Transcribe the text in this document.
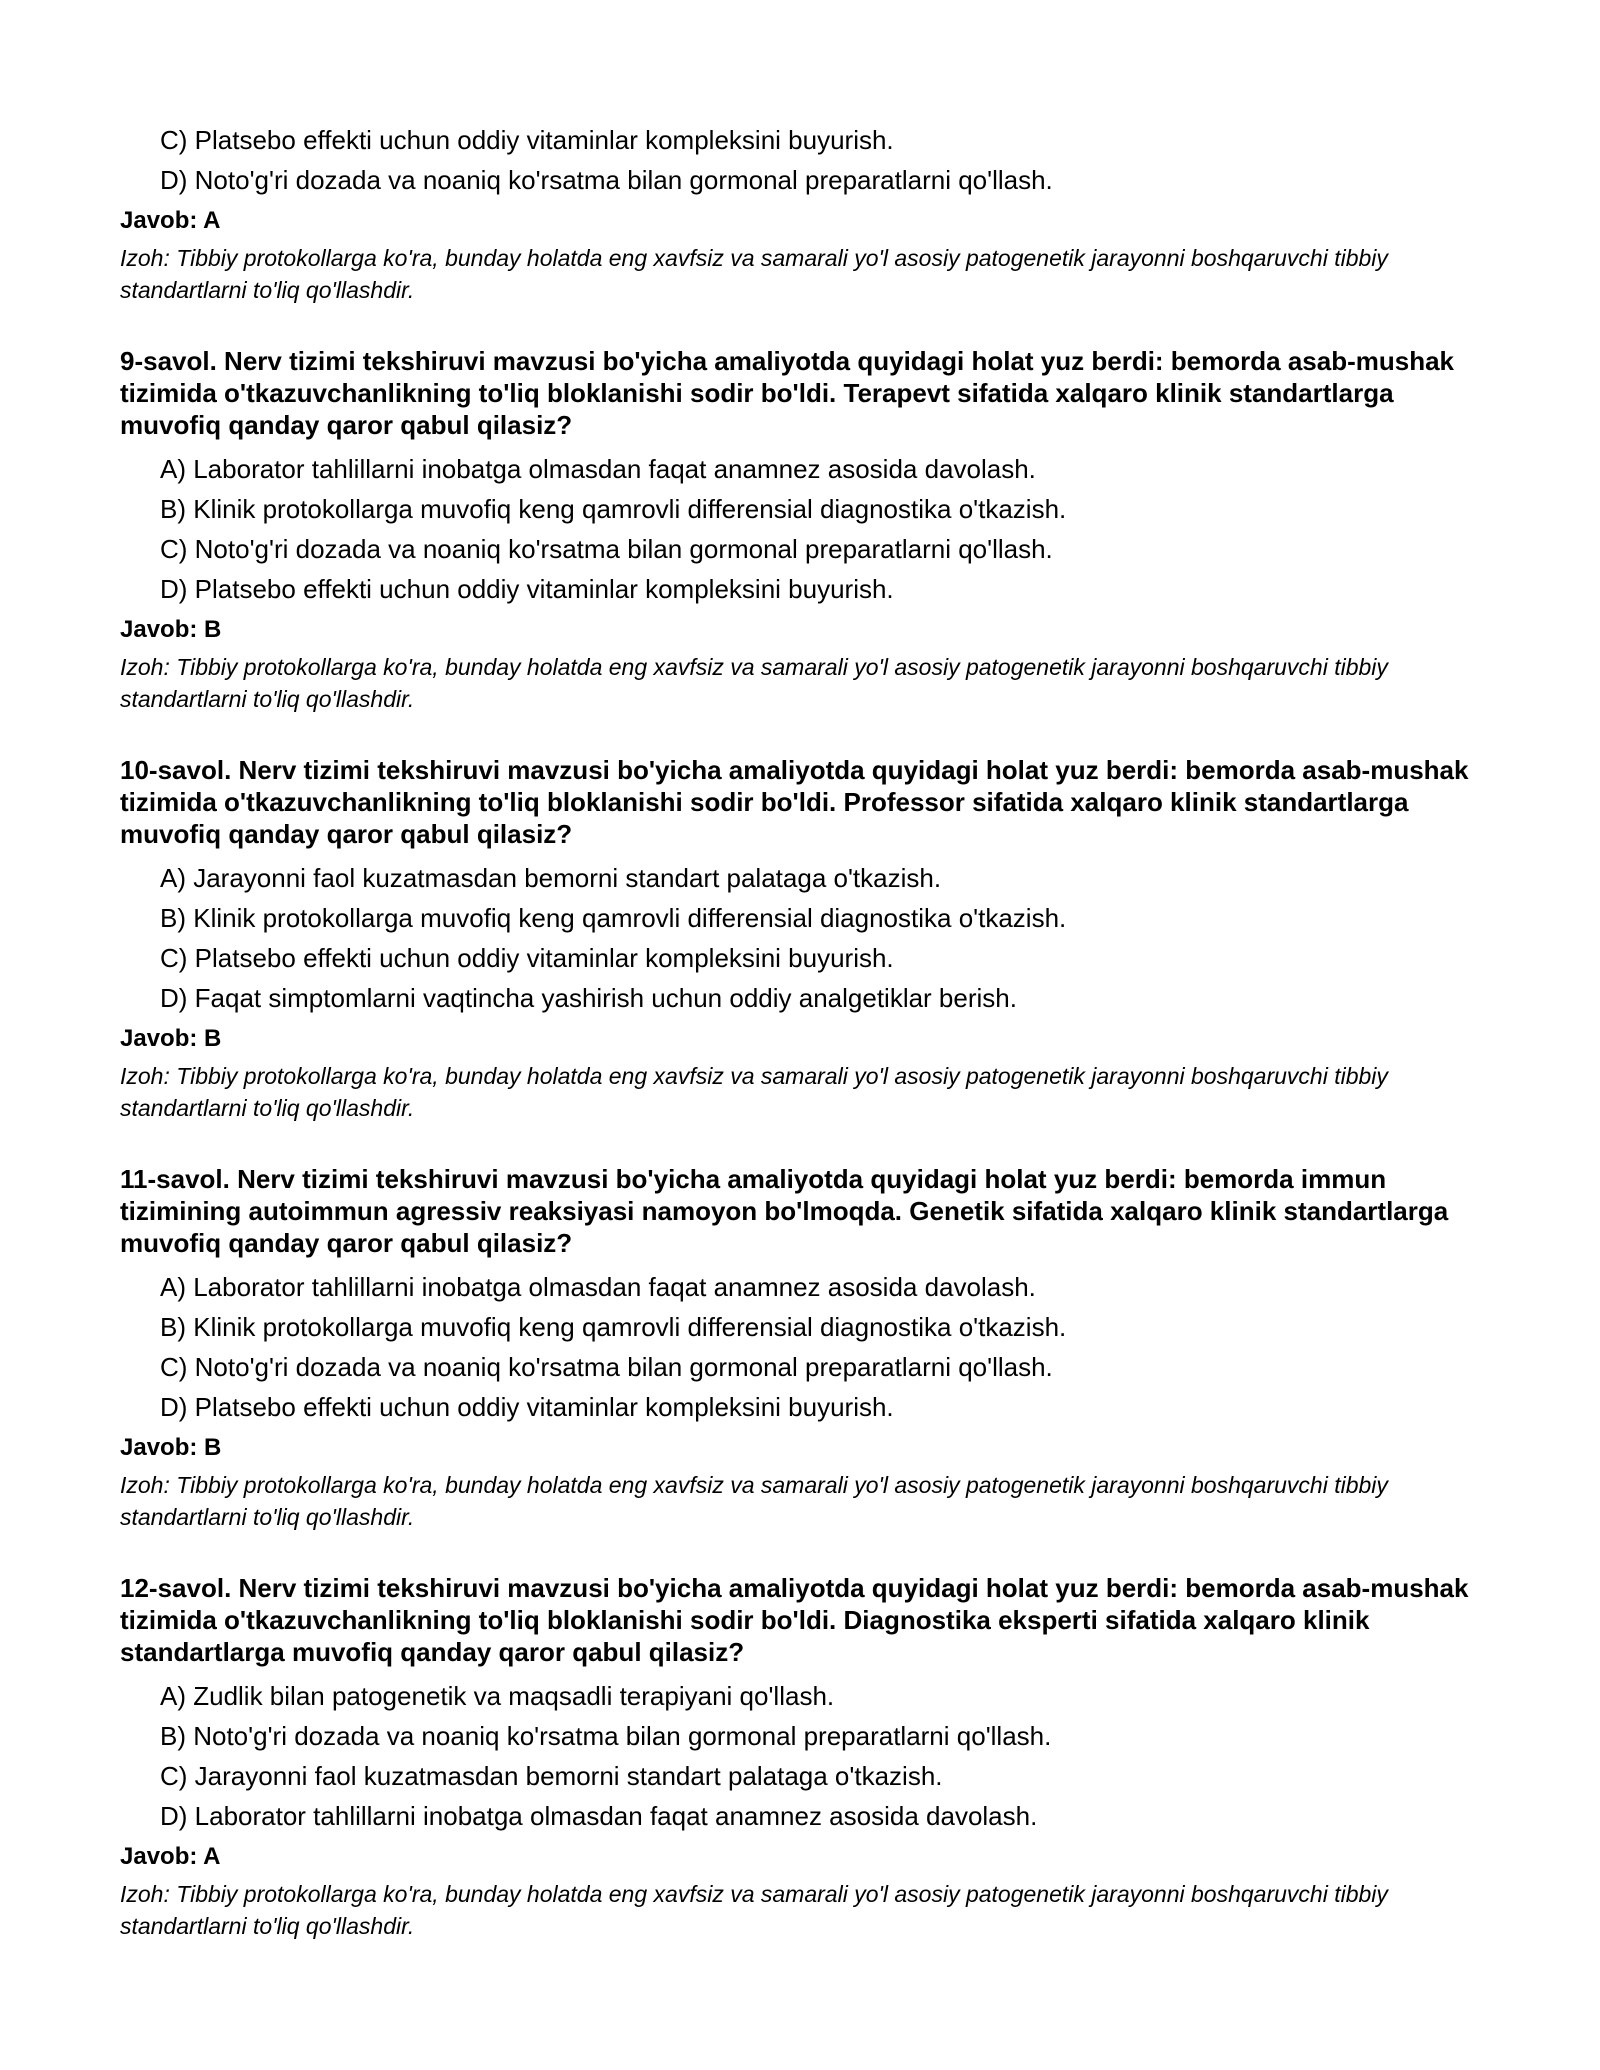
C) Platsebo effekti uchun oddiy vitaminlar kompleksini buyurish.
D) Noto'g'ri dozada va noaniq ko'rsatma bilan gormonal preparatlarni qo'llash.
Javob: A
Izoh: Tibbiy protokollarga ko'ra, bunday holatda eng xavfsiz va samarali yo'l asosiy patogenetik jarayonni boshqaruvchi tibbiy standartlarni to'liq qo'llashdir.
9-savol. Nerv tizimi tekshiruvi mavzusi bo'yicha amaliyotda quyidagi holat yuz berdi: bemorda asab-mushak tizimida o'tkazuvchanlikning to'liq bloklanishi sodir bo'ldi. Terapevt sifatida xalqaro klinik standartlarga muvofiq qanday qaror qabul qilasiz?
A) Laborator tahlillarni inobatga olmasdan faqat anamnez asosida davolash.
B) Klinik protokollarga muvofiq keng qamrovli differensial diagnostika o'tkazish.
C) Noto'g'ri dozada va noaniq ko'rsatma bilan gormonal preparatlarni qo'llash.
D) Platsebo effekti uchun oddiy vitaminlar kompleksini buyurish.
Javob: B
Izoh: Tibbiy protokollarga ko'ra, bunday holatda eng xavfsiz va samarali yo'l asosiy patogenetik jarayonni boshqaruvchi tibbiy standartlarni to'liq qo'llashdir.
10-savol. Nerv tizimi tekshiruvi mavzusi bo'yicha amaliyotda quyidagi holat yuz berdi: bemorda asab-mushak tizimida o'tkazuvchanlikning to'liq bloklanishi sodir bo'ldi. Professor sifatida xalqaro klinik standartlarga muvofiq qanday qaror qabul qilasiz?
A) Jarayonni faol kuzatmasdan bemorni standart palataga o'tkazish.
B) Klinik protokollarga muvofiq keng qamrovli differensial diagnostika o'tkazish.
C) Platsebo effekti uchun oddiy vitaminlar kompleksini buyurish.
D) Faqat simptomlarni vaqtincha yashirish uchun oddiy analgetiklar berish.
Javob: B
Izoh: Tibbiy protokollarga ko'ra, bunday holatda eng xavfsiz va samarali yo'l asosiy patogenetik jarayonni boshqaruvchi tibbiy standartlarni to'liq qo'llashdir.
11-savol. Nerv tizimi tekshiruvi mavzusi bo'yicha amaliyotda quyidagi holat yuz berdi: bemorda immun tizimining autoimmun agressiv reaksiyasi namoyon bo'lmoqda. Genetik sifatida xalqaro klinik standartlarga muvofiq qanday qaror qabul qilasiz?
A) Laborator tahlillarni inobatga olmasdan faqat anamnez asosida davolash.
B) Klinik protokollarga muvofiq keng qamrovli differensial diagnostika o'tkazish.
C) Noto'g'ri dozada va noaniq ko'rsatma bilan gormonal preparatlarni qo'llash.
D) Platsebo effekti uchun oddiy vitaminlar kompleksini buyurish.
Javob: B
Izoh: Tibbiy protokollarga ko'ra, bunday holatda eng xavfsiz va samarali yo'l asosiy patogenetik jarayonni boshqaruvchi tibbiy standartlarni to'liq qo'llashdir.
12-savol. Nerv tizimi tekshiruvi mavzusi bo'yicha amaliyotda quyidagi holat yuz berdi: bemorda asab-mushak tizimida o'tkazuvchanlikning to'liq bloklanishi sodir bo'ldi. Diagnostika eksperti sifatida xalqaro klinik standartlarga muvofiq qanday qaror qabul qilasiz?
A) Zudlik bilan patogenetik va maqsadli terapiyani qo'llash.
B) Noto'g'ri dozada va noaniq ko'rsatma bilan gormonal preparatlarni qo'llash.
C) Jarayonni faol kuzatmasdan bemorni standart palataga o'tkazish.
D) Laborator tahlillarni inobatga olmasdan faqat anamnez asosida davolash.
Javob: A
Izoh: Tibbiy protokollarga ko'ra, bunday holatda eng xavfsiz va samarali yo'l asosiy patogenetik jarayonni boshqaruvchi tibbiy standartlarni to'liq qo'llashdir.
